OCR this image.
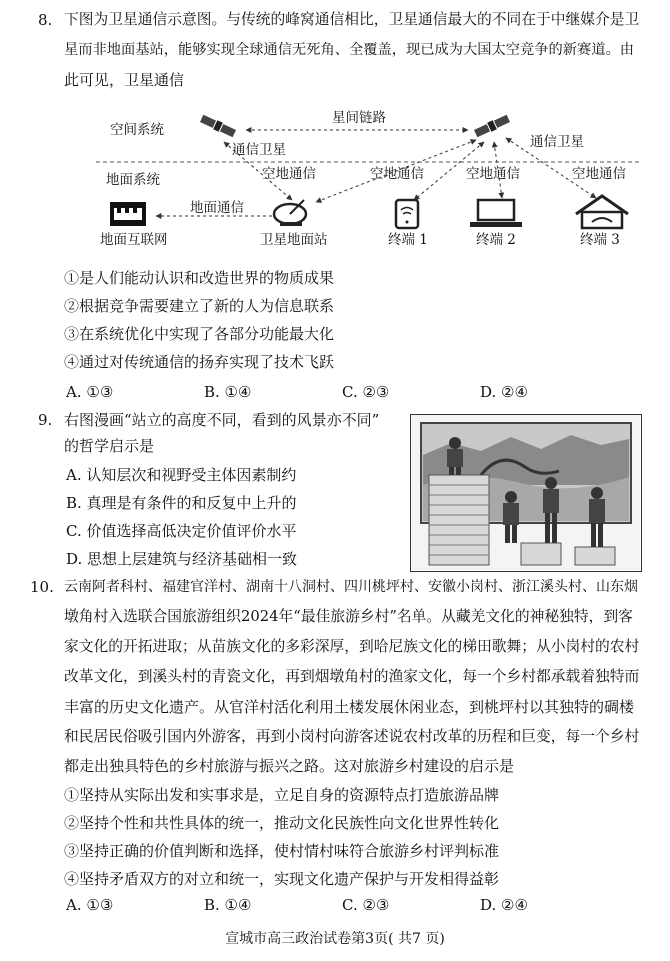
8. 下图为卫星通信示意图。与传统的峰窝通信相比，卫星通信最大的不同在于中继媒介是卫
星而非地面基站，能够实现全球通信无死角、全覆盖，现已成为大国太空竞争的新赛道。由
此可见，卫星通信
空间系统
地面系统
星间链路
通信卫星	通信卫星
空地通信	空地通信	空地通信	空地通信
地面通信
地面互联网	卫星地面站	终端 1	终端 2	终端 3
①是人们能动认识和改造世界的物质成果
②根据竞争需要建立了新的人为信息联系
③在系统优化中实现了各部分功能最大化
④通过对传统通信的扬弃实现了技术飞跃
A. ①③	B. ①④	C. ②③	D. ②④
9. 右图漫画“站立的高度不同，看到的风景亦不同”
的哲学启示是
A. 认知层次和视野受主体因素制约
B. 真理是有条件的和反复中上升的
C. 价值选择高低决定价值评价水平
D. 思想上层建筑与经济基础相一致
10. 云南阿者科村、福建官洋村、湖南十八洞村、四川桃坪村、安徽小岗村、浙江溪头村、山东烟
墩角村入选联合国旅游组织2024年“最佳旅游乡村”名单。从藏羌文化的神秘独特，到客
家文化的开拓进取；从苗族文化的多彩深厚，到哈尼族文化的梯田歌舞；从小岗村的农村
改革文化，到溪头村的青瓷文化，再到烟墩角村的渔家文化，每一个乡村都承载着独特而
丰富的历史文化遗产。从官洋村活化利用土楼发展休闲业态，到桃坪村以其独特的碉楼
和民居民俗吸引国内外游客，再到小岗村向游客述说农村改革的历程和巨变，每一个乡村
都走出独具特色的乡村旅游与振兴之路。这对旅游乡村建设的启示是
①坚持从实际出发和实事求是，立足自身的资源特点打造旅游品牌
②坚持个性和共性具体的统一，推动文化民族性向文化世界性转化
③坚持正确的价值判断和选择，使村情村味符合旅游乡村评判标准
④坚持矛盾双方的对立和统一，实现文化遗产保护与开发相得益彰
A. ①③	B. ①④	C. ②③	D. ②④
宣城市高三政治试卷第3页( 共7 页)
